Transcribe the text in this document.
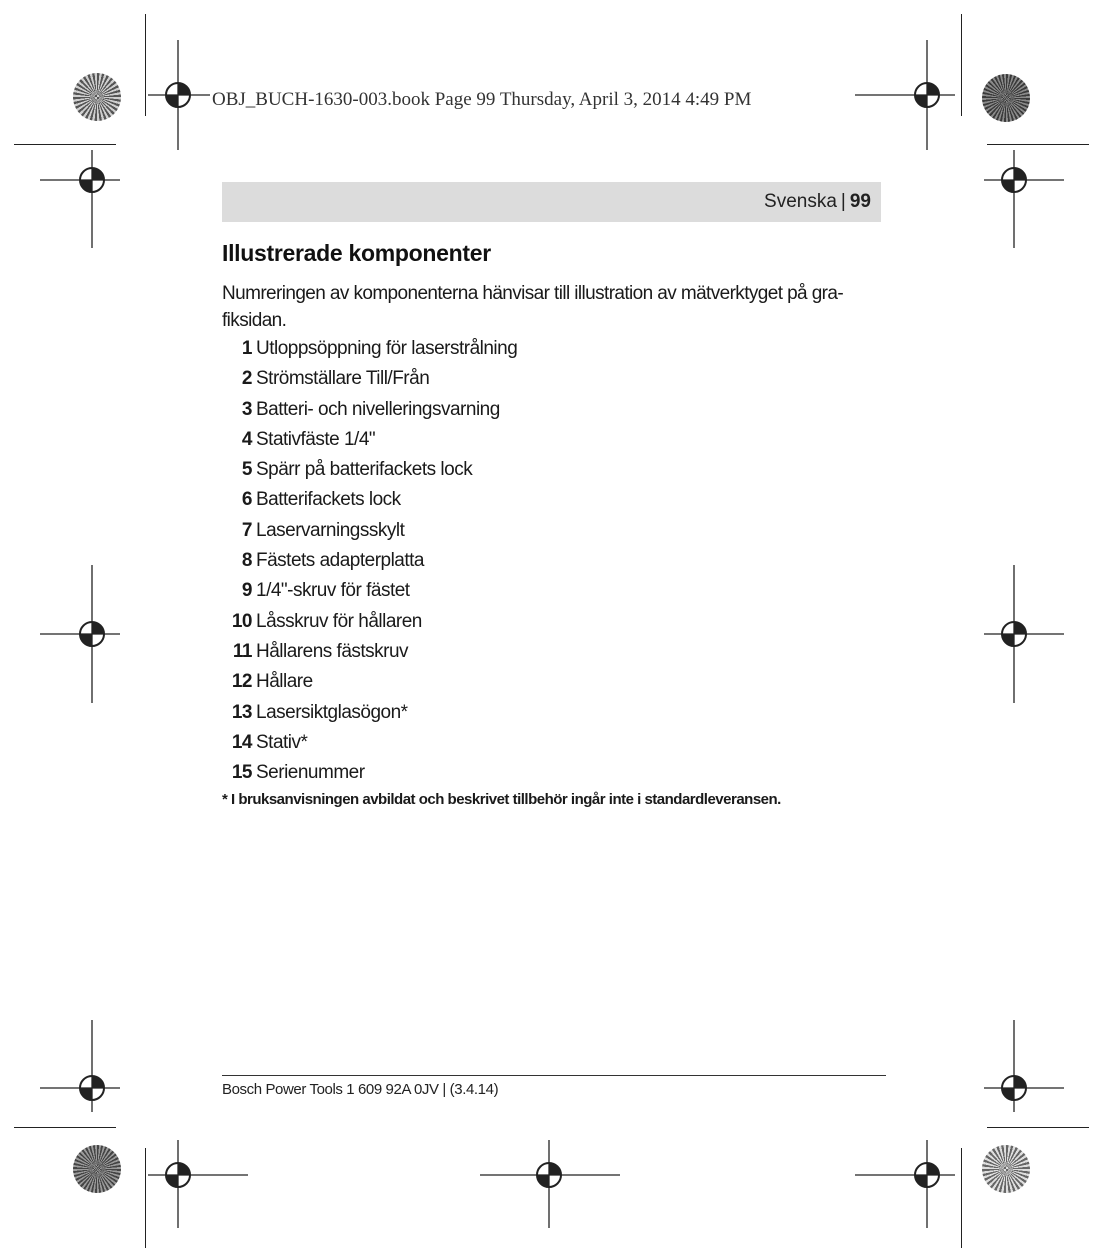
OBJ_BUCH-1630-003.book Page 99 Thursday, April 3, 2014 4:49 PM
Svenska | 99
Illustrerade komponenter

Numreringen av komponenterna hänvisar till illustration av mätverktyget på gra-fiksidan.

1 Utloppsöppning för laserstrålning
2 Strömställare Till/Från
3 Batteri- och nivelleringsvarning
4 Stativfäste 1/4"
5 Spärr på batterifackets lock
6 Batterifackets lock
7 Laservarningsskylt
8 Fästets adapterplatta
9 1/4"-skruv för fästet
10 Låsskruv för hållaren
11 Hållarens fästskruv
12 Hållare
13 Lasersiktglasögon*
14 Stativ*
15 Serienummer
* I bruksanvisningen avbildat och beskrivet tillbehör ingår inte i standardleveransen.
Bosch Power Tools 1 609 92A 0JV | (3.4.14)
